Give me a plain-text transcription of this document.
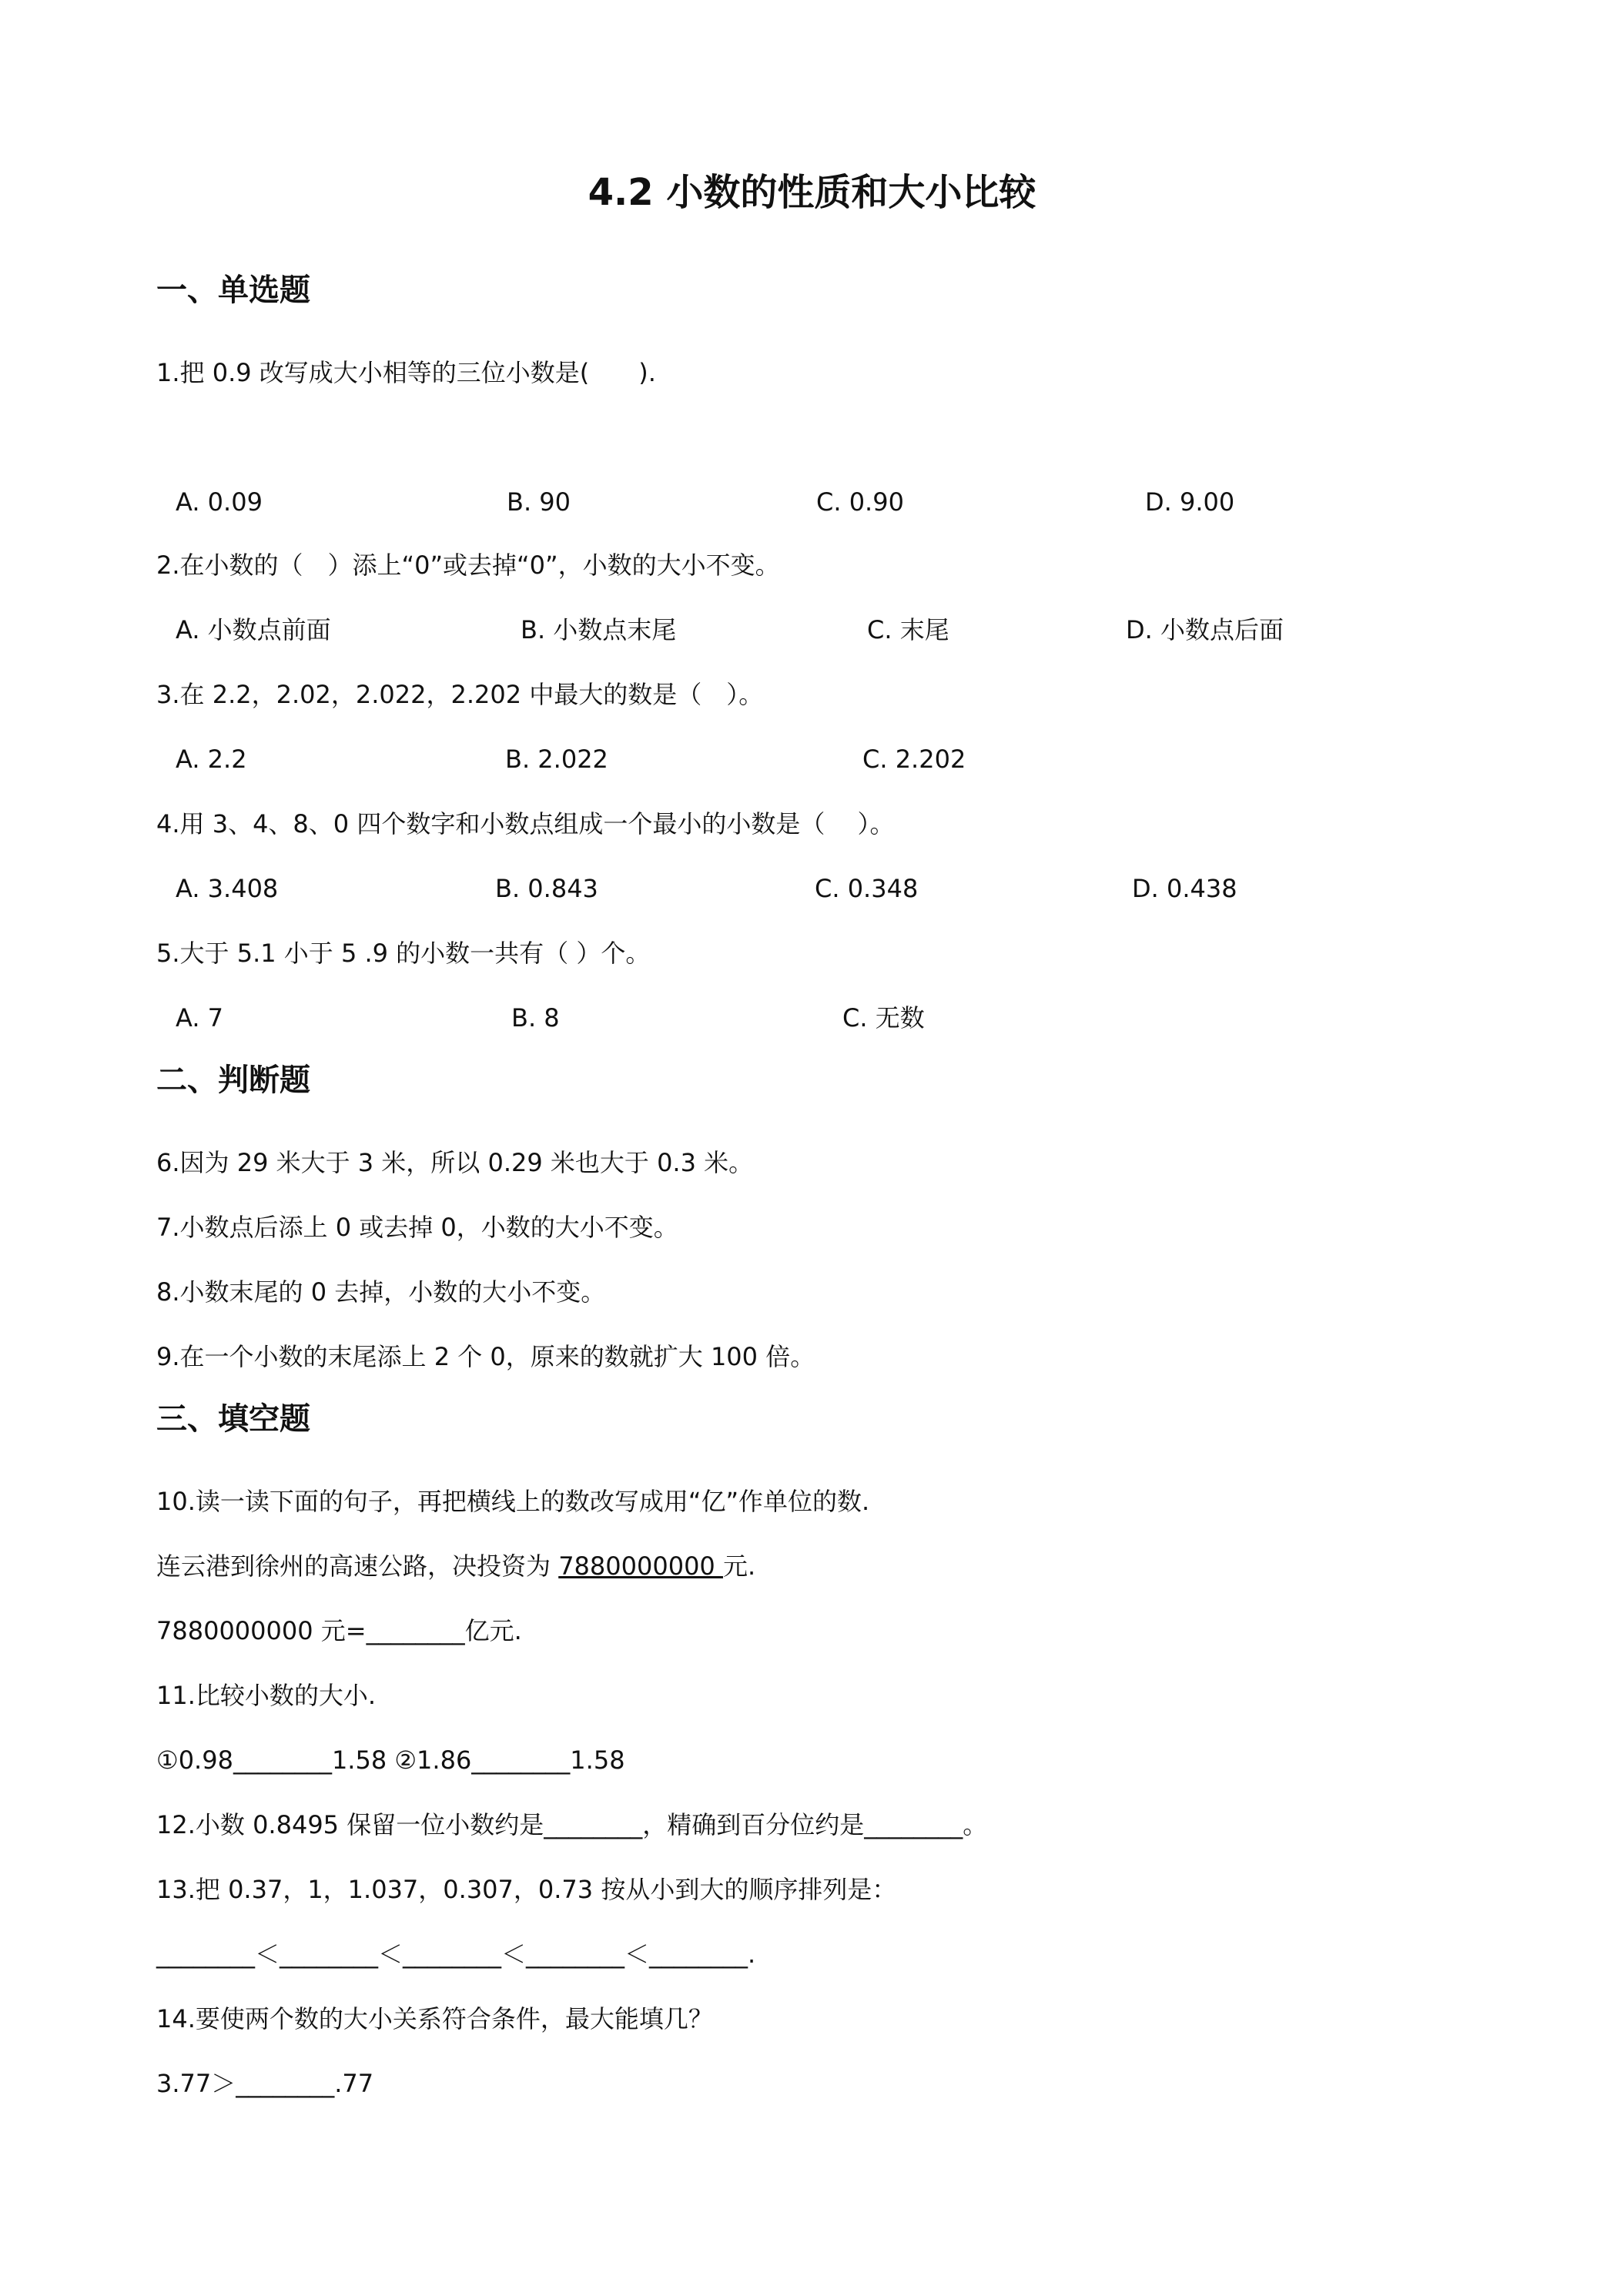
4.2 小数的性质和大小比较
一、单选题
1.把 0.9 改写成大小相等的三位小数是(　　).
A. 0.09	B. 90	C. 0.90	D. 9.00
2.在小数的（　）添上“0”或去掉“0”，小数的大小不变。
A. 小数点前面	B. 小数点末尾	C. 末尾	D. 小数点后面
3.在 2.2，2.02，2.022，2.202 中最大的数是（　）。
A. 2.2	B. 2.022	C. 2.202
4.用 3、4、8、0 四个数字和小数点组成一个最小的小数是（　 ）。
A. 3.408	B. 0.843	C. 0.348	D. 0.438
5.大于 5.1 小于 5 .9 的小数一共有（ ）个。
A. 7	B. 8	C. 无数
二、判断题
6.因为 29 米大于 3 米，所以 0.29 米也大于 0.3 米。
7.小数点后添上 0 或去掉 0，小数的大小不变。
8.小数末尾的 0 去掉，小数的大小不变。
9.在一个小数的末尾添上 2 个 0，原来的数就扩大 100 倍。
三、填空题
10.读一读下面的句子，再把横线上的数改写成用“亿”作单位的数.
连云港到徐州的高速公路，决投资为 7880000000 元.
7880000000 元=________亿元.
11.比较小数的大小.
①0.98________1.58 ②1.86________1.58
12.小数 0.8495 保留一位小数约是________，精确到百分位约是________。
13.把 0.37，1，1.037，0.307，0.73 按从小到大的顺序排列是：
________＜________＜________＜________＜________.
14.要使两个数的大小关系符合条件，最大能填几？
3.77＞________.77
